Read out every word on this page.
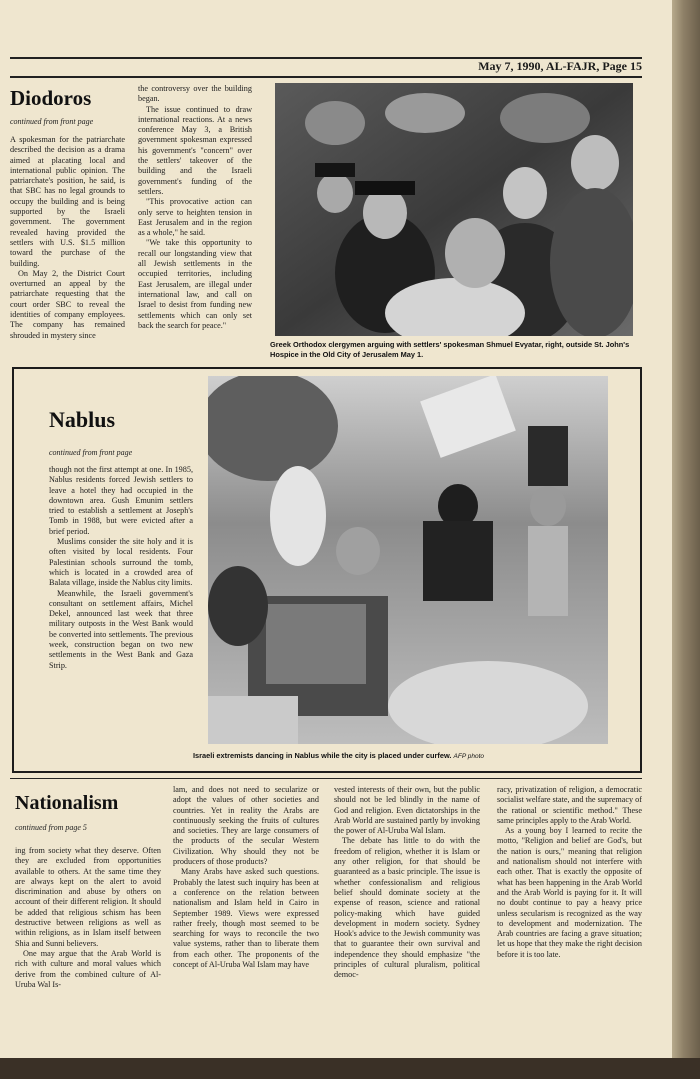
May 7, 1990, AL-FAJR, Page 15
Diodoros
continued from front page

A spokesman for the patriarchate described the decision as a drama aimed at placating local and international public opinion. The patriarchate's position, he said, is that SBC has no legal grounds to occupy the building and is being supported by the Israeli government. The government revealed having provided the settlers with U.S. $1.5 million toward the purchase of the building.

On May 2, the District Court overturned an appeal by the patriarchate requesting that the court order SBC to reveal the identities of company employees. The company has remained shrouded in mystery since

the controversy over the building began.

The issue continued to draw international reactions. At a news conference May 3, a British government spokesman expressed his government's "concern" over the settlers' takeover of the building and the Israeli government's funding of the settlers.

"This provocative action can only serve to heighten tension in East Jerusalem and in the region as a whole," he said.

"We take this opportunity to recall our longstanding view that all Jewish settlements in the occupied territories, including East Jerusalem, are illegal under international law, and call on Israel to desist from funding new settlements which can only set back the search for peace."

Greek Orthodox clergymen arguing with settlers' spokesman Shmuel Evyatar, right, outside St. John's Hospice in the Old City of Jerusalem May 1.
Nablus
continued from front page

though not the first attempt at one. In 1985, Nablus residents forced Jewish settlers to leave a hotel they had occupied in the downtown area. Gush Emunim settlers tried to establish a settlement at Joseph's Tomb in 1988, but were evicted after a brief period.

Muslims consider the site holy and it is often visited by local residents. Four Palestinian schools surround the tomb, which is located in a crowded area of Balata village, inside the Nablus city limits.

Meanwhile, the Israeli government's consultant on settlement affairs, Michel Dekel, announced last week that three military outposts in the West Bank would be converted into settlements. The previous week, construction began on two new settlements in the West Bank and Gaza Strip.

Israeli extremists dancing in Nablus while the city is placed under curfew. AFP photo
Nationalism
continued from page 5

ing from society what they deserve. Often they are excluded from opportunities available to others. At the same time they are always kept on the alert to avoid discrimination and abuse by others on account of their different religion. It should be added that religious schism has been destructive between religions as well as within religions, as in Islam itself between Shia and Sunni believers.

One may argue that the Arab World is rich with culture and moral values which derive from the combined culture of Al-Uruba Wal Is-

lam, and does not need to secularize or adopt the values of other societies and countries. Yet in reality the Arabs are continuously seeking the fruits of cultures and societies. They are large consumers of the products of the secular Western Civilization. Why should they not be producers of those products?

Many Arabs have asked such questions. Probably the latest such inquiry has been at a conference on the relation between nationalism and Islam held in Cairo in September 1989. Views were expressed rather freely, though most seemed to be searching for ways to reconcile the two value systems, rather than to liberate them from each other. The proponents of the concept of Al-Uruba Wal Islam may have

vested interests of their own, but the public should not be led blindly in the name of God and religion. Even dictatorships in the Arab World are sustained partly by invoking the power of Al-Uruba Wal Islam.

The debate has little to do with the freedom of religion, whether it is Islam or any other religion, for that should be guaranteed as a basic principle. The issue is whether confessionalism and religious belief should dominate society at the expense of reason, science and rational policy-making which have guided development in modern society. Sydney Hook's advice to the Jewish community was that to guarantee their own survival and independence they should emphasize "the principles of cultural pluralism, political democ-

racy, privatization of religion, a democratic socialist welfare state, and the supremacy of the rational or scientific method." These same principles apply to the Arab World.

As a young boy I learned to recite the motto, "Religion and belief are God's, but the nation is ours," meaning that religion and nationalism should not interfere with each other. That is exactly the opposite of what has been happening in the Arab World and the Arab World is paying for it. It will no doubt continue to pay a heavy price unless secularism is recognized as the way to development and modernization. The Arab countries are facing a grave situation; let us hope that they make the right decision before it is too late.
